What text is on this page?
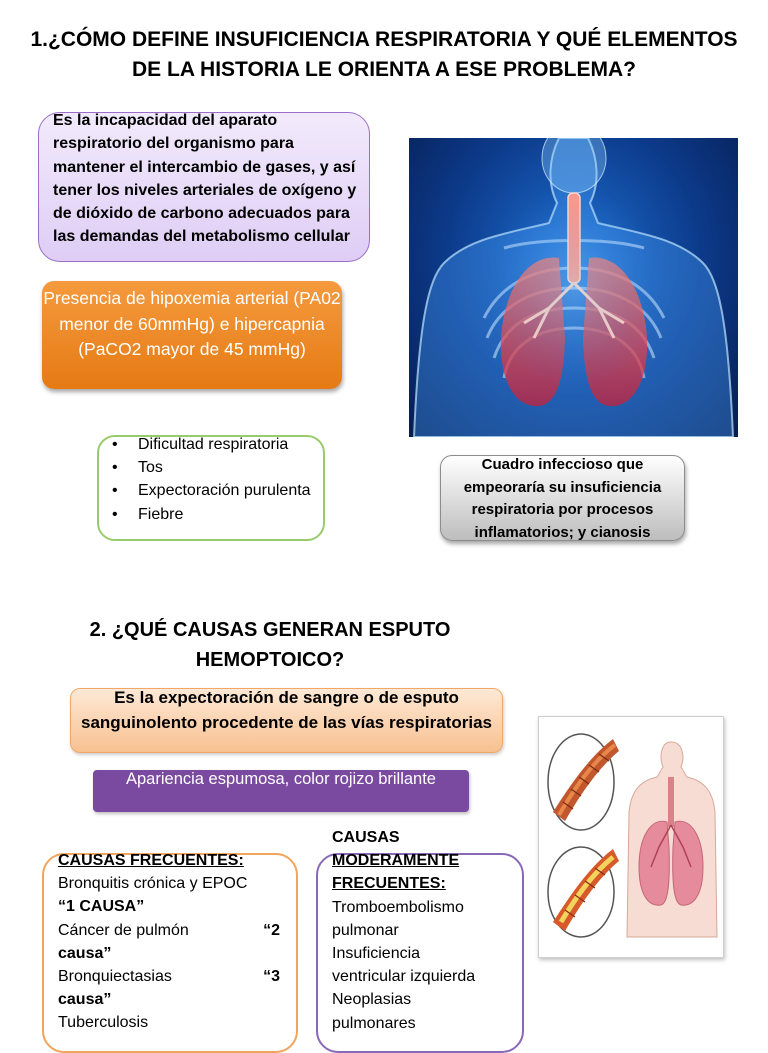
1.¿CÓMO DEFINE INSUFICIENCIA RESPIRATORIA Y QUÉ ELEMENTOS
DE LA HISTORIA LE ORIENTA A ESE PROBLEMA?
Es la incapacidad del aparato respiratorio del organismo para mantener el intercambio de gases, y así tener los niveles arteriales de oxígeno y de dióxido de carbono adecuados para las demandas del metabolismo cellular
Presencia de hipoxemia arterial (PA02 menor de 60mmHg) e hipercapnia (PaCO2 mayor de 45 mmHg)
• Dificultad respiratoria
• Tos
• Expectoración purulenta
• Fiebre
Cuadro infeccioso que empeoraría su insuficiencia respiratoria por procesos inflamatorios; y cianosis
2. ¿QUÉ CAUSAS GENERAN ESPUTO
HEMOPTOICO?
Es la expectoración de sangre o de esputo sanguinolento procedente de las vías respiratorias
Apariencia espumosa, color rojizo brillante
CAUSAS FRECUENTES:
Bronquitis crónica y EPOC
“1 CAUSA”
Cáncer de pulmón	“2
causa”
Bronquiectasias	“3
causa”
Tuberculosis
CAUSAS
MODERAMENTE
FRECUENTES:
Tromboembolismo
pulmonar
Insuficiencia
ventricular izquierda
Neoplasias
pulmonares
